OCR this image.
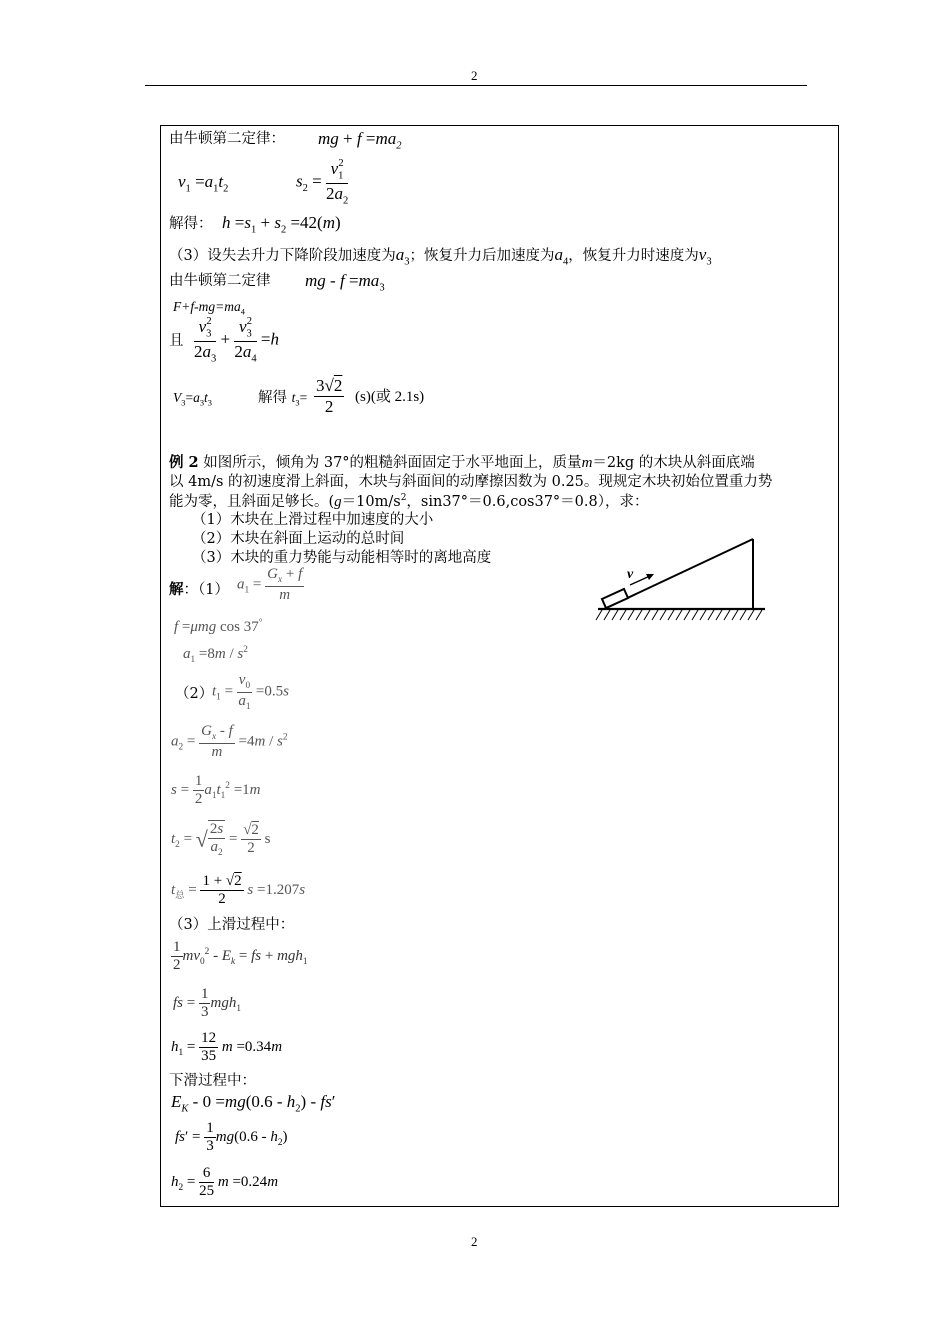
2
由牛顿第二定律： mg + $f =ma_2$
$v_1 =a_1t_2$	$s_2 = \frac{v_1^2}{2a_2}$
解得： $h =s_1 + s_2 =42(m)$
（3）设失去升力下降阶段加速度为$a_3$；恢复升力后加速度为$a_4$，恢复升力时速度为$v_3$
由牛顿第二定律 mg - $f =ma_3$
$F+f-mg=ma_4$
且 $\frac{v_3^2}{2a_3} + \frac{v_3^2}{2a_4} =h$
$V_3=a_3t_3$	解得 $t_3= \frac{3√2}{2} (s)$(或 2.1s)
例 2 如图所示，倾角为 37°的粗糙斜面固定于水平地面上，质量m＝2kg 的木块从斜面底端
以 4m/s 的初速度滑上斜面，木块与斜面间的动摩擦因数为 0.25。现规定木块初始位置重力势
能为零，且斜面足够长。($g=10m/s^2$，sin37°＝0.6,cos37°＝0.8），求：
（1）木块在上滑过程中加速度的大小
（2）木块在斜面上运动的总时间
（3）木块的重力势能与动能相等时的离地高度
v
解：（1） $a_1 = \frac{G_x + f}{m}$
f =μmg cos 37°
$a_1 =8m / s^2$
（2）
$t_1 = \frac{v_0}{a_1} =0.5s$
$a_2 = \frac{G_x - f}{m} =4m / s^2$
$s = \frac{1}{2} a_1t_1^2 =1m$
$t_2$ = √ $\frac{2s}{a_2} = \frac{√2}{2}$ s
$t_总 = \frac{1 + √2}{2}$ s =1.207s
（3）上滑过程中：
$\frac{1}{2} mv_0^2 - E_k$ = fs + mgh$_1$
fs = $\frac{1}{3} mgh_1$
$h_1 = \frac{12}{35}$ m =0.34m
下滑过程中：
$E_K - 0 =mg(0.6 - h_2) - fs'$
$fs' = \frac{1}{3} mg(0.6 - h_2)$
$h_2 = \frac{6}{25}$ m =0.24m
2
